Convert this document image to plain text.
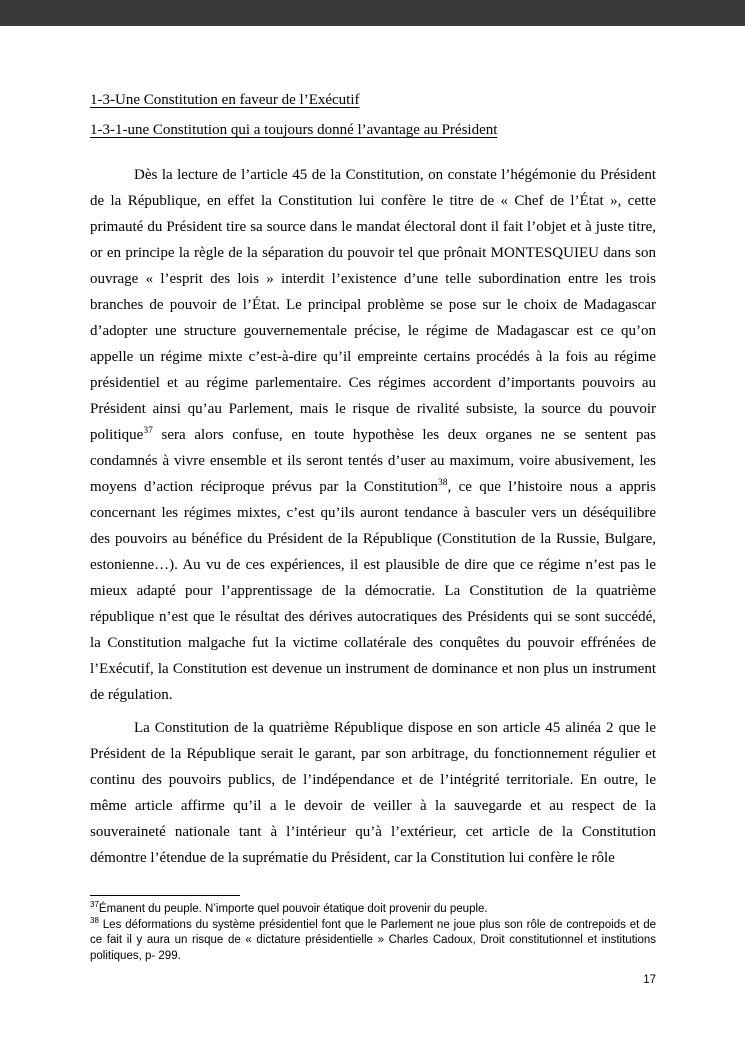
1-3-Une Constitution en faveur de l’Exécutif
1-3-1-une Constitution qui a toujours donné l’avantage au Président

Dès la lecture de l’article 45 de la Constitution, on constate l’hégémonie du Président de la République, en effet la Constitution lui confère le titre de « Chef de l’État », cette primauté du Président tire sa source dans le mandat électoral dont il fait l’objet et à juste titre, or en principe la règle de la séparation du pouvoir tel que prônait MONTESQUIEU dans son ouvrage « l’esprit des lois » interdit l’existence d’une telle subordination entre les trois branches de pouvoir de l’État. Le principal problème se pose sur le choix de Madagascar d’adopter une structure gouvernementale précise, le régime de Madagascar est ce qu’on appelle un régime mixte c’est-à-dire qu’il empreinte certains procédés à la fois au régime présidentiel et au régime parlementaire. Ces régimes accordent d’importants pouvoirs au Président ainsi qu’au Parlement, mais le risque de rivalité subsiste, la source du pouvoir politique$^{37}$ sera alors confuse, en toute hypothèse les deux organes ne se sentent pas condamnés à vivre ensemble et ils seront tentés d’user au maximum, voire abusivement, les moyens d’action réciproque prévus par la Constitution$^{38}$, ce que l’histoire nous a appris concernant les régimes mixtes, c’est qu’ils auront tendance à basculer vers un déséquilibre des pouvoirs au bénéfice du Président de la République (Constitution de la Russie, Bulgare, estonienne…). Au vu de ces expériences, il est plausible de dire que ce régime n’est pas le mieux adapté pour l’apprentissage de la démocratie. La Constitution de la quatrième république n’est que le résultat des dérives autocratiques des Présidents qui se sont succédé, la Constitution malgache fut la victime collatérale des conquêtes du pouvoir effrénées de l’Exécutif, la Constitution est devenue un instrument de dominance et non plus un instrument de régulation.

La Constitution de la quatrième République dispose en son article 45 alinéa 2 que le Président de la République serait le garant, par son arbitrage, du fonctionnement régulier et continu des pouvoirs publics, de l’indépendance et de l’intégrité territoriale. En outre, le même article affirme qu’il a le devoir de veiller à la sauvegarde et au respect de la souveraineté nationale tant à l’intérieur qu’à l’extérieur, cet article de la Constitution démontre l’étendue de la suprématie du Président, car la Constitution lui confère le rôle

$^{37}$Émanent du peuple. N’importe quel pouvoir étatique doit provenir du peuple.

$^{38}$ Les déformations du système présidentiel font que le Parlement ne joue plus son rôle de contrepoids et de ce fait il y aura un risque de « dictature présidentielle » Charles Cadoux, Droit constitutionnel et institutions politiques, p- 299.

17
